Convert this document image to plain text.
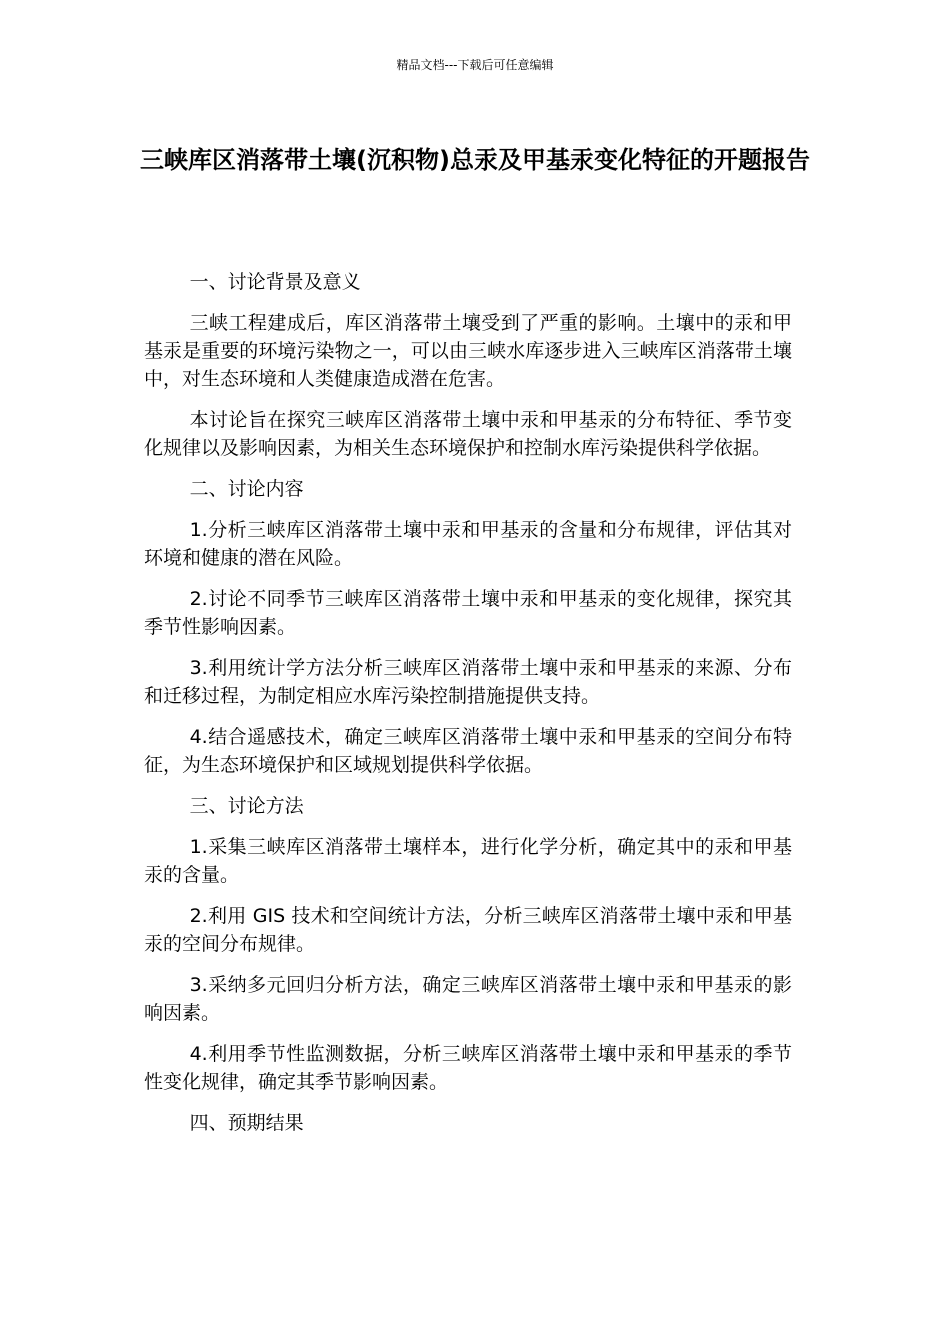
精品文档---下载后可任意编辑
三峡库区消落带土壤(沉积物)总汞及甲基汞变化特征的开题报告

一、讨论背景及意义

三峡工程建成后，库区消落带土壤受到了严重的影响。土壤中的汞和甲基汞是重要的环境污染物之一，可以由三峡水库逐步进入三峡库区消落带土壤中，对生态环境和人类健康造成潜在危害。

本讨论旨在探究三峡库区消落带土壤中汞和甲基汞的分布特征、季节变化规律以及影响因素，为相关生态环境保护和控制水库污染提供科学依据。

二、讨论内容

1.分析三峡库区消落带土壤中汞和甲基汞的含量和分布规律，评估其对环境和健康的潜在风险。

2.讨论不同季节三峡库区消落带土壤中汞和甲基汞的变化规律，探究其季节性影响因素。

3.利用统计学方法分析三峡库区消落带土壤中汞和甲基汞的来源、分布和迁移过程，为制定相应水库污染控制措施提供支持。

4.结合遥感技术，确定三峡库区消落带土壤中汞和甲基汞的空间分布特征，为生态环境保护和区域规划提供科学依据。

三、讨论方法

1.采集三峡库区消落带土壤样本，进行化学分析，确定其中的汞和甲基汞的含量。

2.利用 GIS 技术和空间统计方法，分析三峡库区消落带土壤中汞和甲基汞的空间分布规律。

3.采纳多元回归分析方法，确定三峡库区消落带土壤中汞和甲基汞的影响因素。

4.利用季节性监测数据，分析三峡库区消落带土壤中汞和甲基汞的季节性变化规律，确定其季节影响因素。

四、预期结果
